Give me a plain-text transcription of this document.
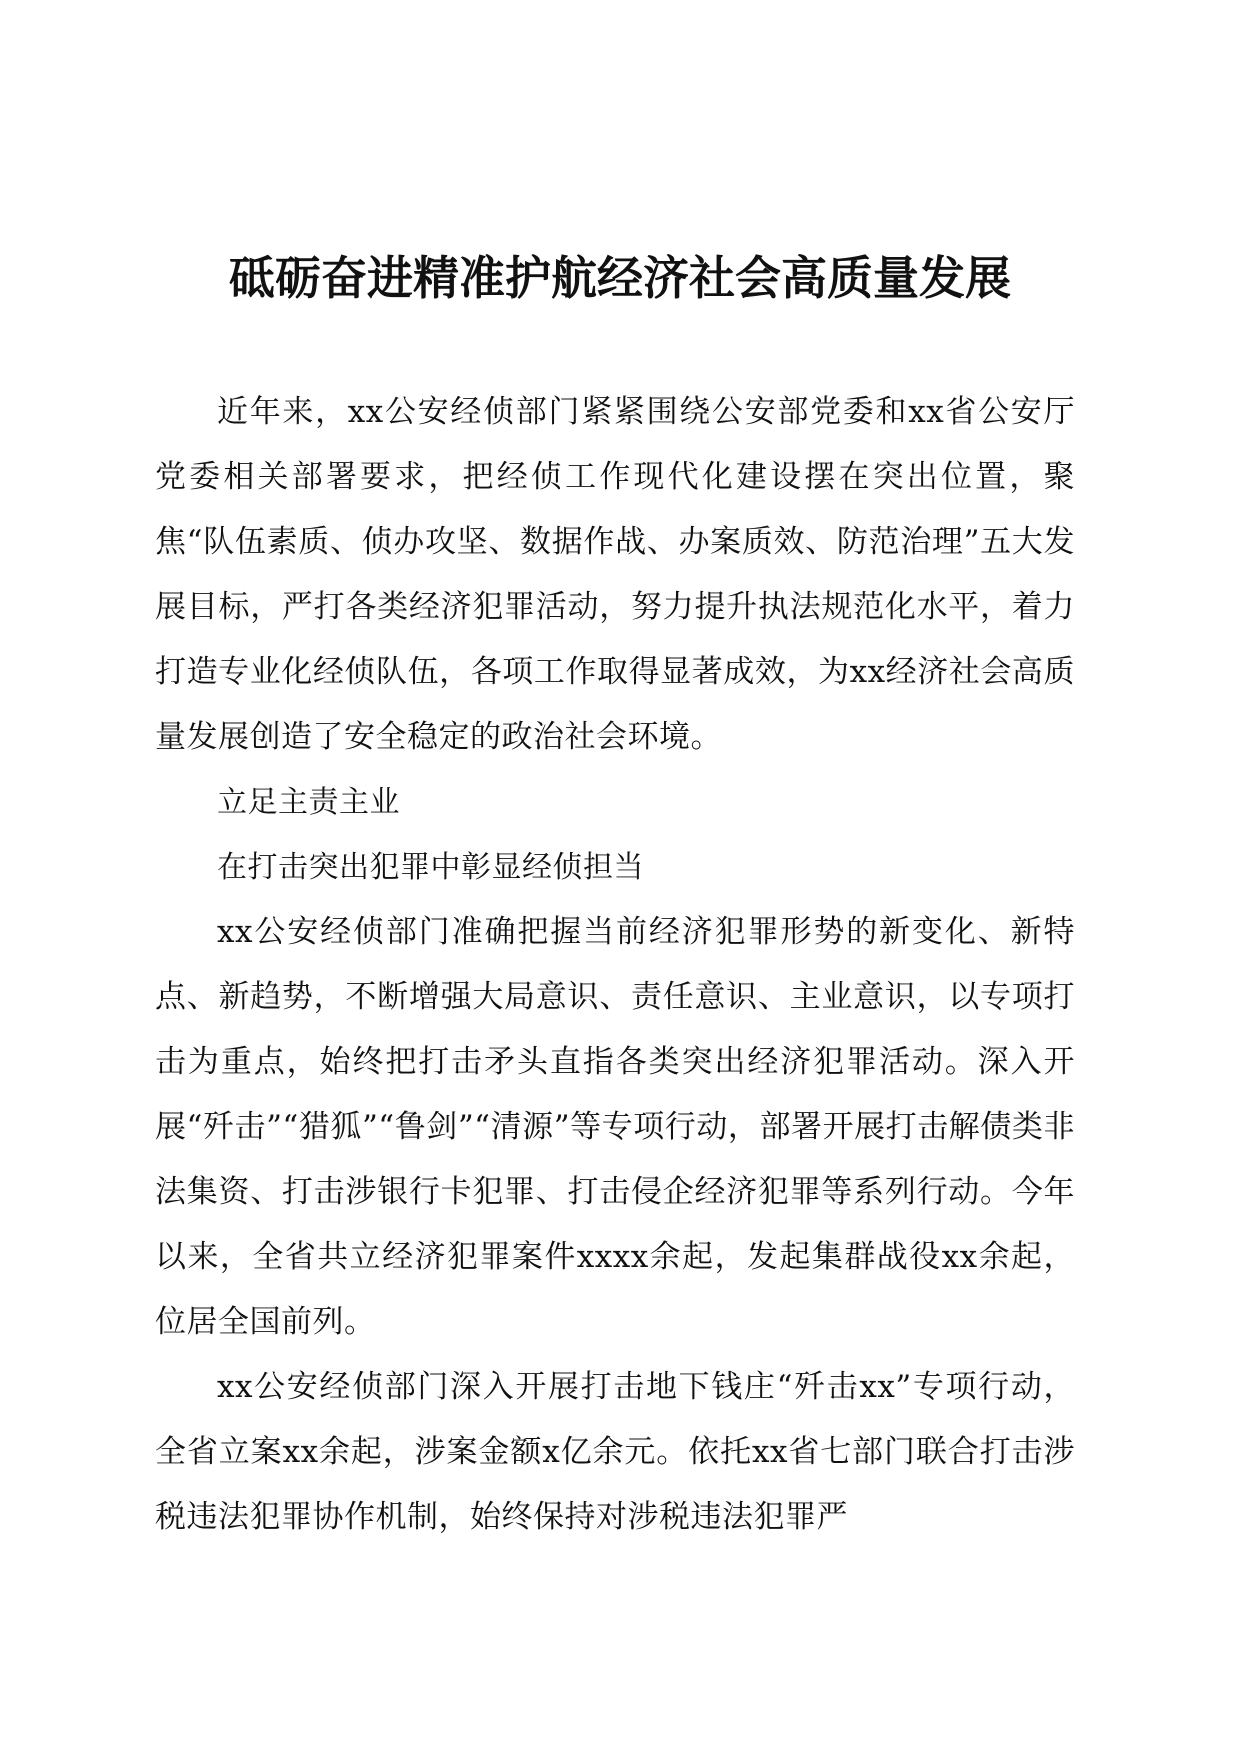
砥砺奋进精准护航经济社会高质量发展

近年来，xx公安经侦部门紧紧围绕公安部党委和xx省公安厅党委相关部署要求，把经侦工作现代化建设摆在突出位置，聚焦“队伍素质、侦办攻坚、数据作战、办案质效、防范治理”五大发展目标，严打各类经济犯罪活动，努力提升执法规范化水平，着力打造专业化经侦队伍，各项工作取得显著成效，为xx经济社会高质量发展创造了安全稳定的政治社会环境。

立足主责主业

在打击突出犯罪中彰显经侦担当

xx公安经侦部门准确把握当前经济犯罪形势的新变化、新特点、新趋势，不断增强大局意识、责任意识、主业意识，以专项打击为重点，始终把打击矛头直指各类突出经济犯罪活动。深入开展“歼击”“猎狐”“鲁剑”“清源”等专项行动，部署开展打击解债类非法集资、打击涉银行卡犯罪、打击侵企经济犯罪等系列行动。今年以来，全省共立经济犯罪案件xxxx余起，发起集群战役xx余起，位居全国前列。

xx公安经侦部门深入开展打击地下钱庄“歼击xx”专项行动，全省立案xx余起，涉案金额x亿余元。依托xx省七部门联合打击涉税违法犯罪协作机制，始终保持对涉税违法犯罪严
